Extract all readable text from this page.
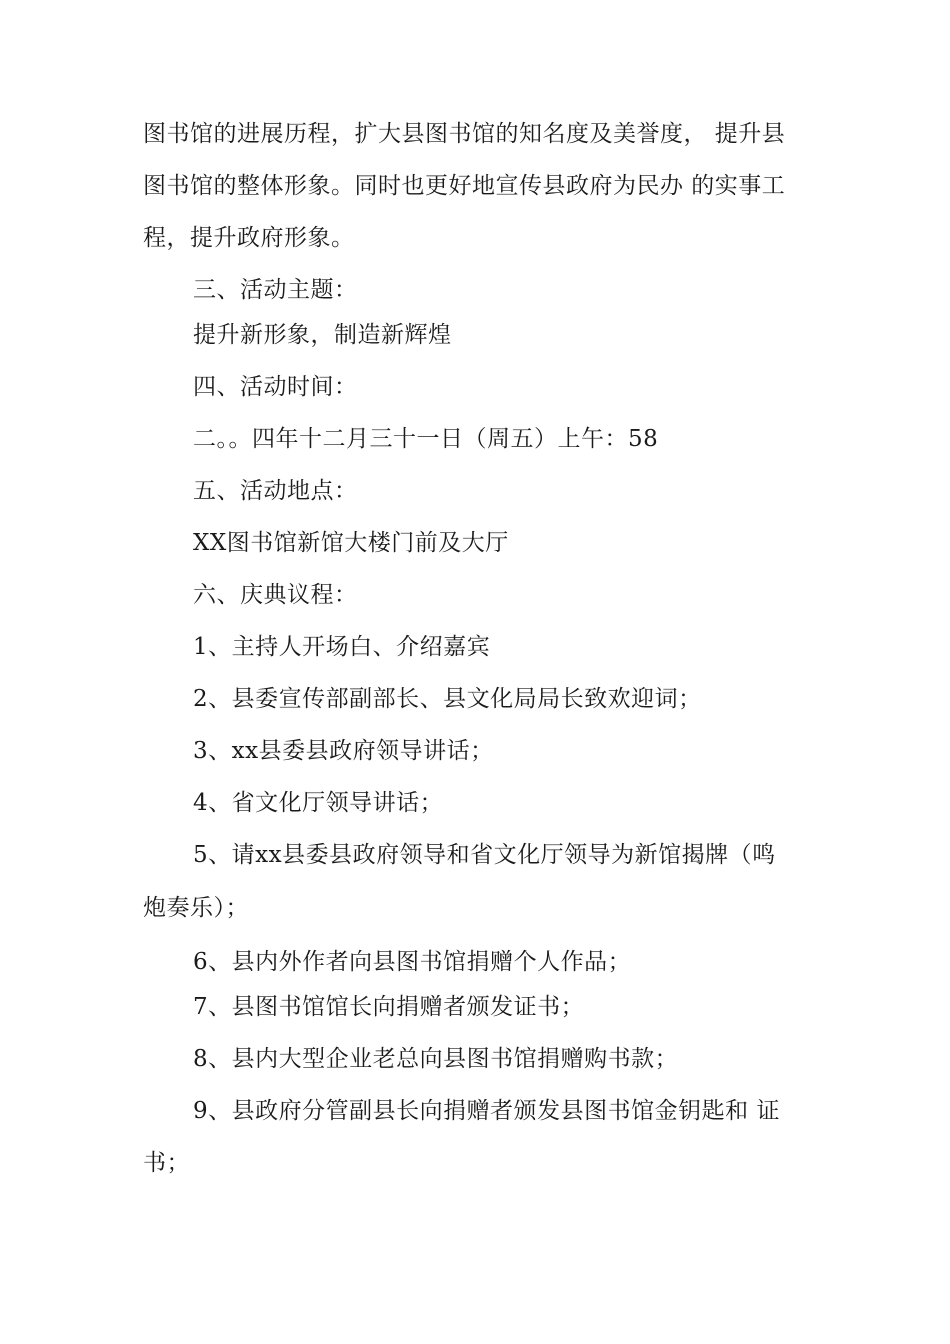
图书馆的进展历程，扩大县图书馆的知名度及美誉度， 提升县
图书馆的整体形象。同时也更好地宣传县政府为民办 的实事工
程，提升政府形象。
三、活动主题：
提升新形象，制造新辉煌
四、活动时间：
二。。四年十二月三十一日（周五）上午：58
五、活动地点：
XX图书馆新馆大楼门前及大厅
六、庆典议程：
1、主持人开场白、介绍嘉宾
2、县委宣传部副部长、县文化局局长致欢迎词；
3、xx县委县政府领导讲话；
4、省文化厅领导讲话；
5、请xx县委县政府领导和省文化厅领导为新馆揭牌（鸣
炮奏乐）；
6、县内外作者向县图书馆捐赠个人作品；
7、县图书馆馆长向捐赠者颁发证书；
8、县内大型企业老总向县图书馆捐赠购书款；
9、县政府分管副县长向捐赠者颁发县图书馆金钥匙和 证
书；
